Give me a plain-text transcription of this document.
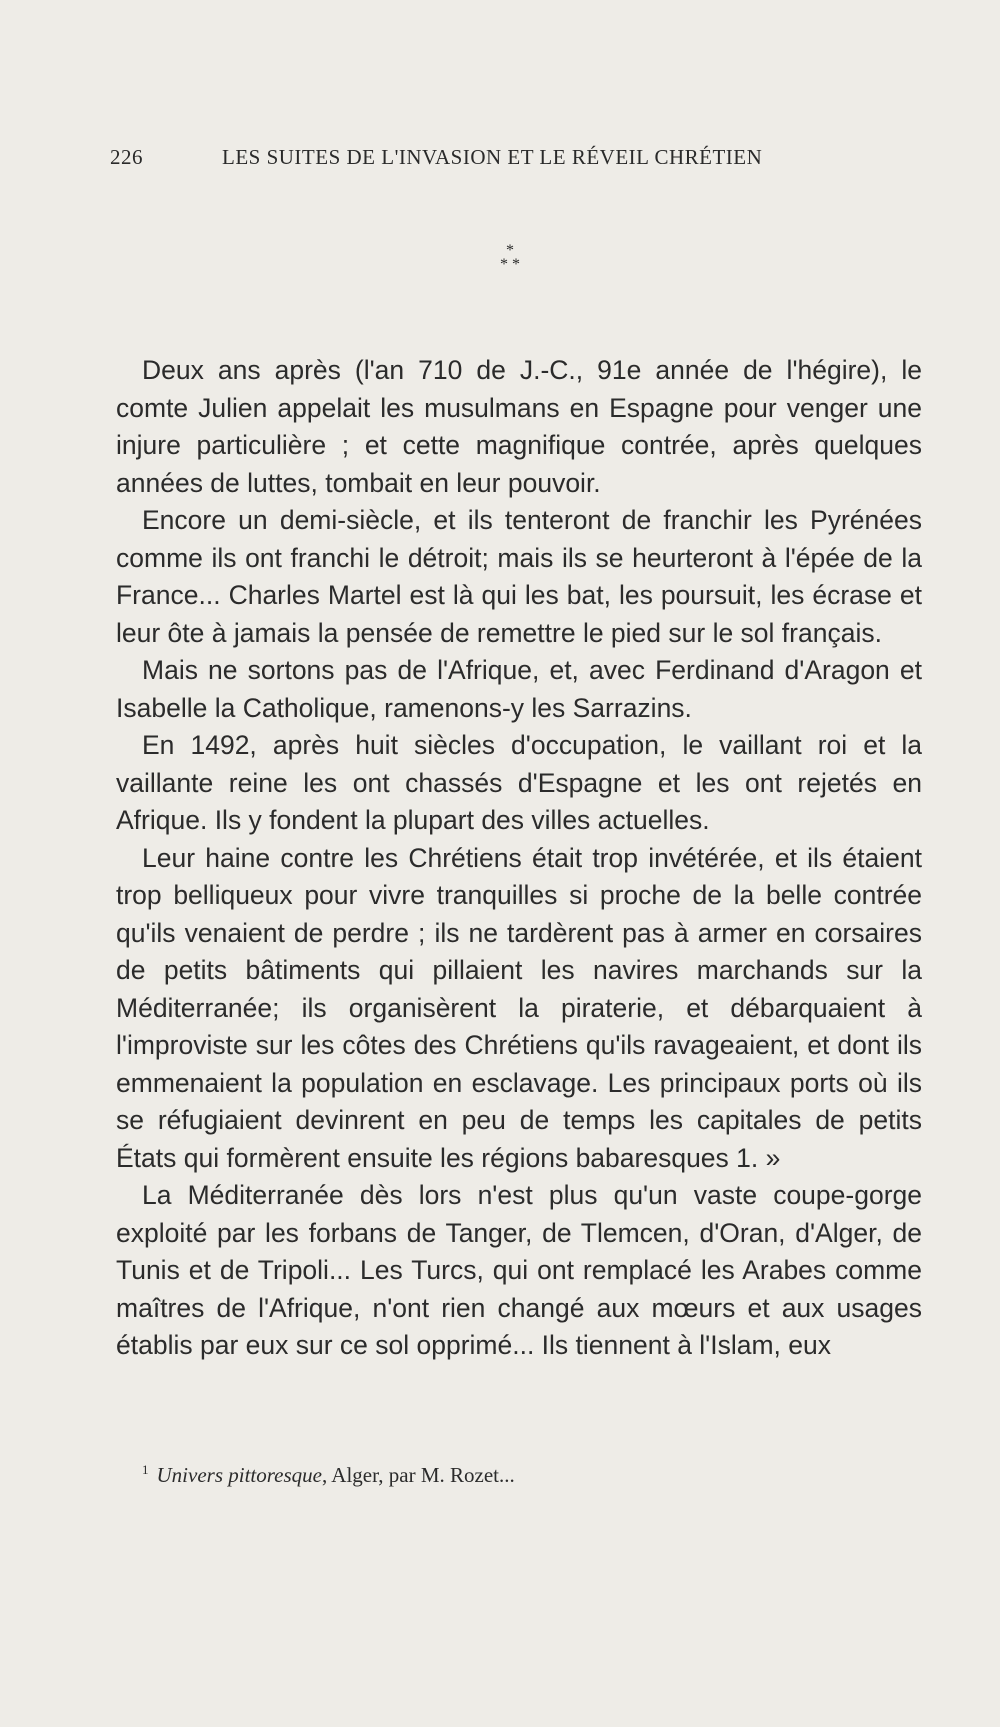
226	LES SUITES DE L'INVASION ET LE RÉVEIL CHRÉTIEN
*
* *

Deux ans après (l'an 710 de J.-C., 91e année de l'hégire), le comte Julien appelait les musulmans en Espagne pour venger une injure particulière ; et cette magnifique contrée, après quelques années de luttes, tombait en leur pouvoir.

Encore un demi-siècle, et ils tenteront de franchir les Pyrénées comme ils ont franchi le détroit; mais ils se heurteront à l'épée de la France... Charles Martel est là qui les bat, les poursuit, les écrase et leur ôte à jamais la pensée de remettre le pied sur le sol français.

Mais ne sortons pas de l'Afrique, et, avec Ferdinand d'Aragon et Isabelle la Catholique, ramenons-y les Sarrazins.

En 1492, après huit siècles d'occupation, le vaillant roi et la vaillante reine les ont chassés d'Espagne et les ont rejetés en Afrique. Ils y fondent la plupart des villes actuelles.

Leur haine contre les Chrétiens était trop invétérée, et ils étaient trop belliqueux pour vivre tranquilles si proche de la belle contrée qu'ils venaient de perdre ; ils ne tardèrent pas à armer en corsaires de petits bâtiments qui pillaient les navires marchands sur la Méditerranée; ils organisèrent la piraterie, et débarquaient à l'improviste sur les côtes des Chrétiens qu'ils ravageaient, et dont ils emmenaient la population en esclavage. Les principaux ports où ils se réfugiaient devinrent en peu de temps les capitales de petits États qui formèrent ensuite les régions babaresques 1. »

La Méditerranée dès lors n'est plus qu'un vaste coupe-gorge exploité par les forbans de Tanger, de Tlemcen, d'Oran, d'Alger, de Tunis et de Tripoli... Les Turcs, qui ont remplacé les Arabes comme maîtres de l'Afrique, n'ont rien changé aux mœurs et aux usages établis par eux sur ce sol opprimé... Ils tiennent à l'Islam, eux

$^1$ Univers pittoresque, Alger, par M. Rozet...
